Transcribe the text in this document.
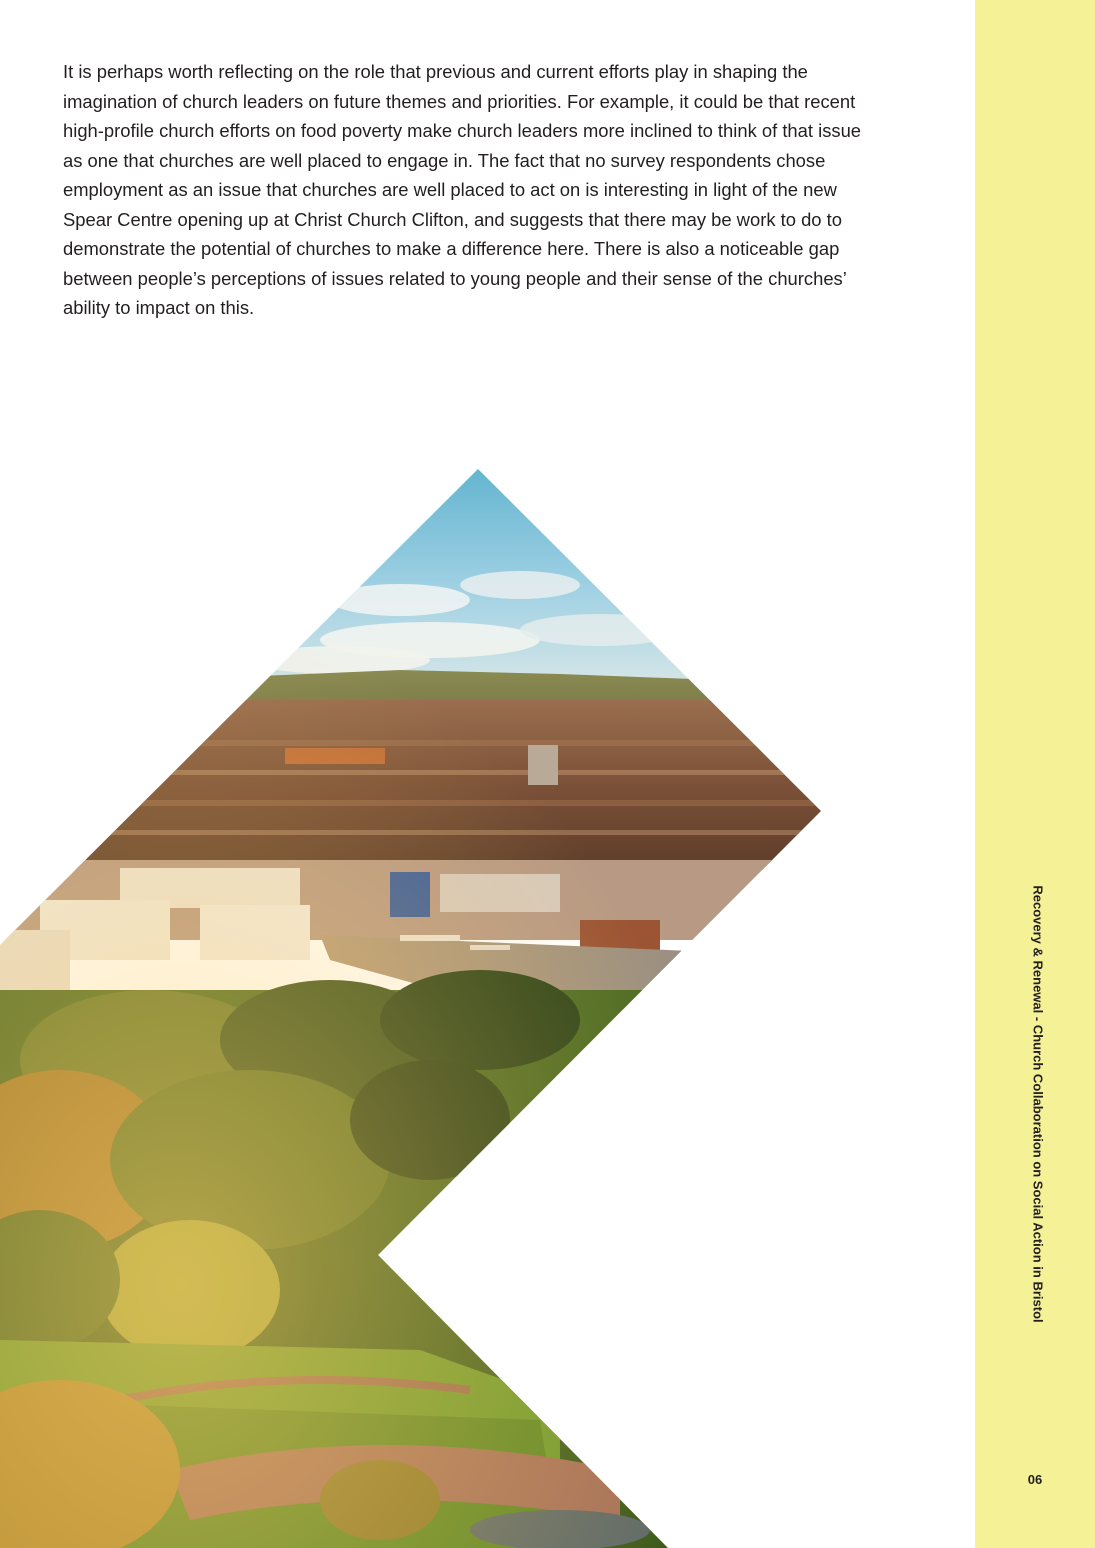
It is perhaps worth reflecting on the role that previous and current efforts play in shaping the imagination of church leaders on future themes and priorities. For example, it could be that recent high-profile church efforts on food poverty make church leaders more inclined to think of that issue as one that churches are well placed to engage in. The fact that no survey respondents chose employment as an issue that churches are well placed to act on is interesting in light of the new Spear Centre opening up at Christ Church Clifton, and suggests that there may be work to do to demonstrate the potential of churches to make a difference here. There is also a noticeable gap between people’s perceptions of issues related to young people and their sense of the churches’ ability to impact on this.

Recovery & Renewal - Church Collaboration on Social Action in Bristol
06
